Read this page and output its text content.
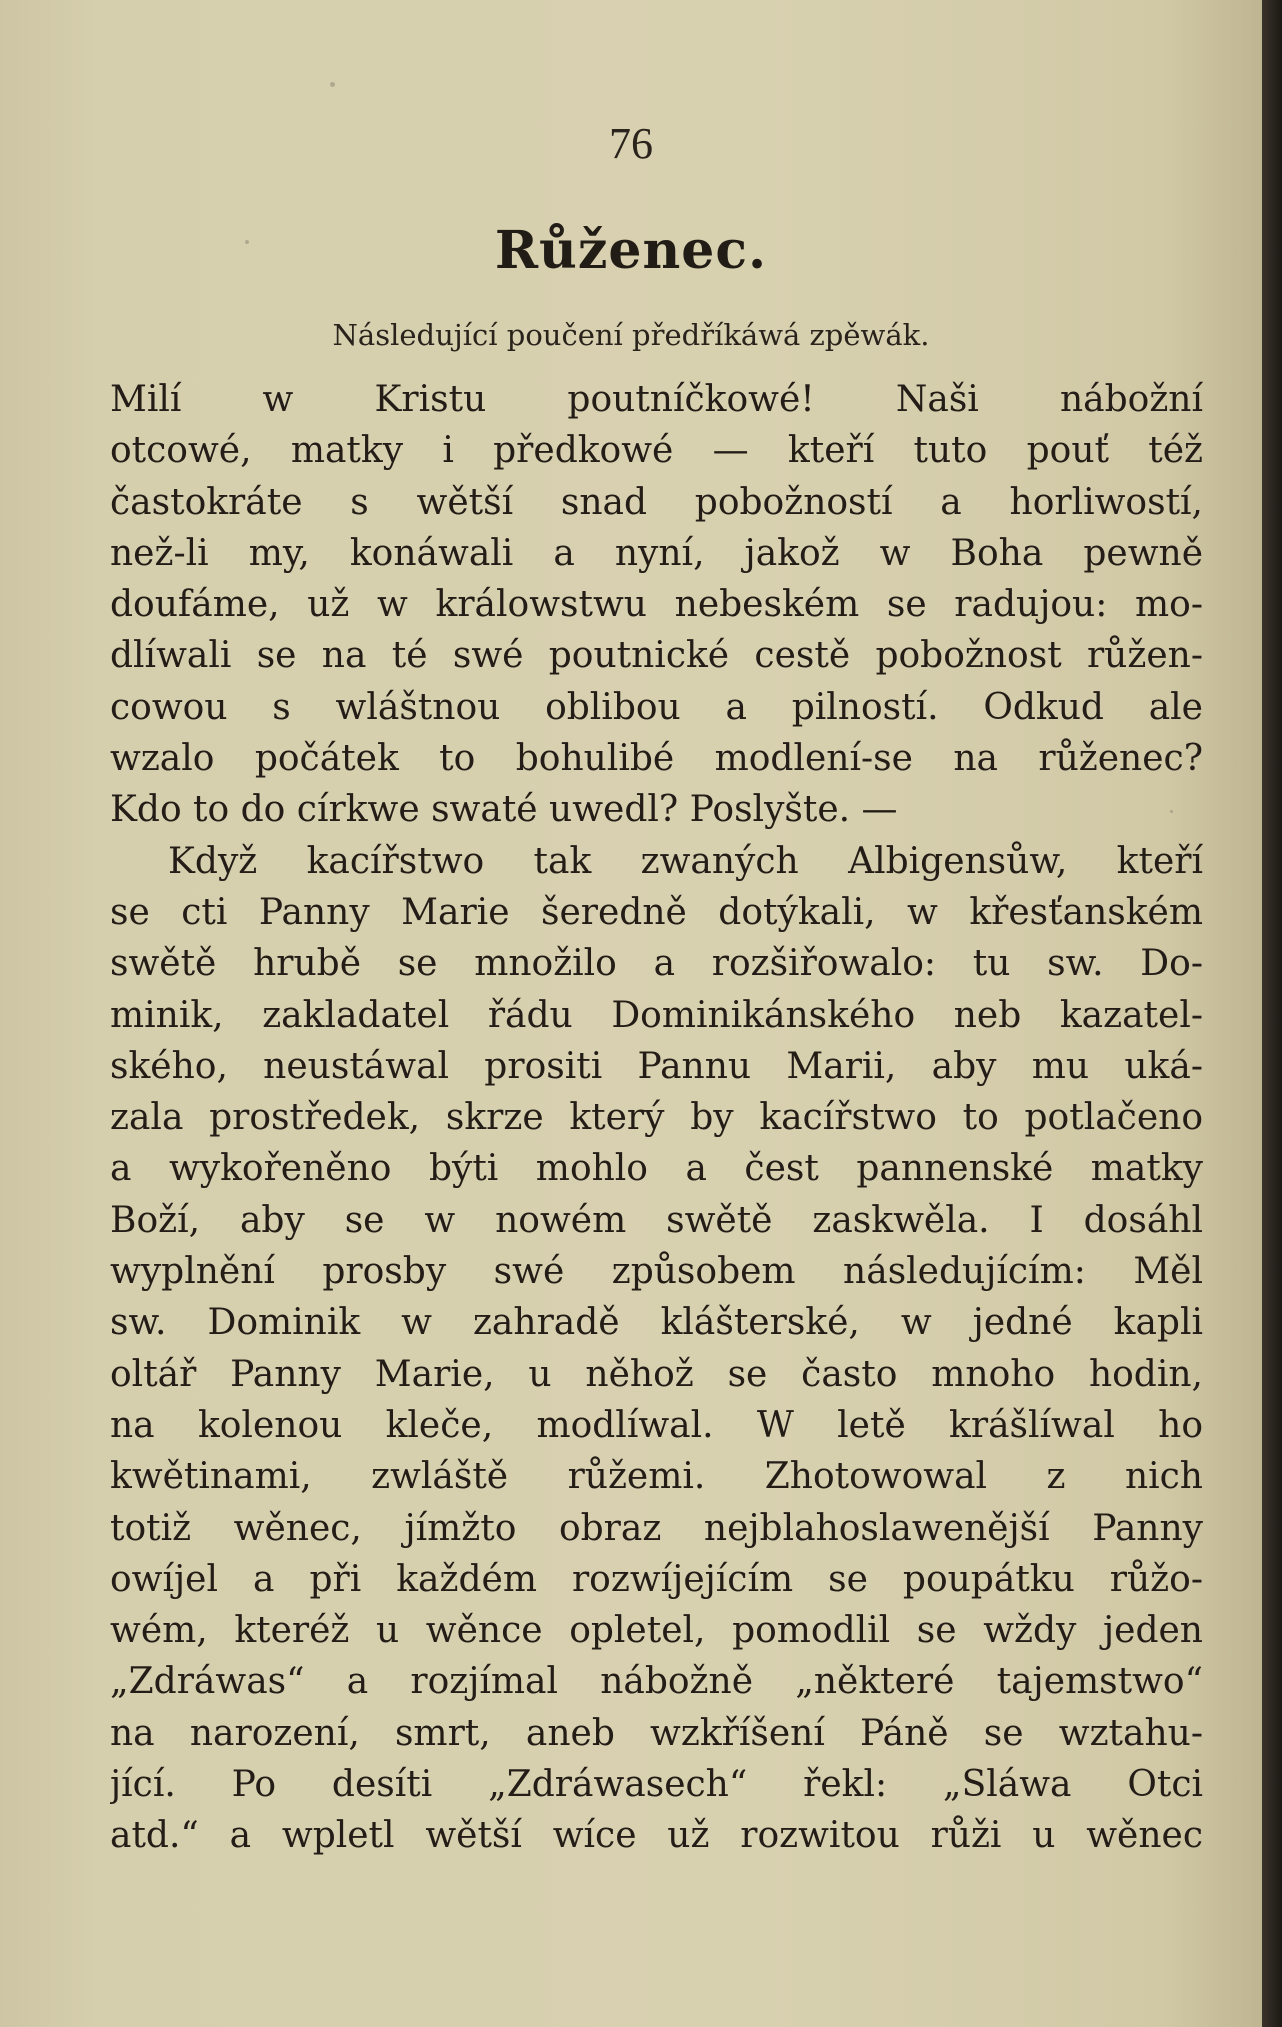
76
Růženec.
Následující poučení předříkáwá zpěwák.
Milí w Kristu poutníčkowé! Naši nábožní
otcowé, matky i předkowé — kteří tuto pouť též
častokráte s wětší snad pobožností a horliwostí,
než-li my, konáwali a nyní, jakož w Boha pewně
doufáme, už w králowstwu nebeském se radujou: mo-
dlíwali se na té swé poutnické cestě pobožnost růžen-
cowou s wláštnou oblibou a pilností. Odkud ale
wzalo počátek to bohulibé modlení-se na růženec?
Kdo to do církwe swaté uwedl? Poslyšte. —
Když kacířstwo tak zwaných Albigensůw, kteří
se cti Panny Marie šeredně dotýkali, w křesťanském
swětě hrubě se množilo a rozšiřowalo: tu sw. Do-
minik, zakladatel řádu Dominikánského neb kazatel-
ského, neustáwal prositi Pannu Marii, aby mu uká-
zala prostředek, skrze který by kacířstwo to potlačeno
a wykořeněno býti mohlo a čest pannenské matky
Boží, aby se w nowém swětě zaskwěla. I dosáhl
wyplnění prosby swé způsobem následujícím: Měl
sw. Dominik w zahradě klášterské, w jedné kapli
oltář Panny Marie, u něhož se často mnoho hodin,
na kolenou kleče, modlíwal. W letě krášlíwal ho
kwětinami, zwláště růžemi. Zhotowowal z nich
totiž wěnec, jímžto obraz nejblahoslawenější Panny
owíjel a při každém rozwíjejícím se poupátku růžo-
wém, kteréž u wěnce opletel, pomodlil se wždy jeden
„Zdráwas“ a rozjímal nábožně „některé tajemstwo“
na narození, smrt, aneb wzkříšení Páně se wztahu-
jící. Po desíti „Zdráwasech“ řekl: „Sláwa Otci
atd.“ a wpletl wětší wíce už rozwitou růži u wěnec
